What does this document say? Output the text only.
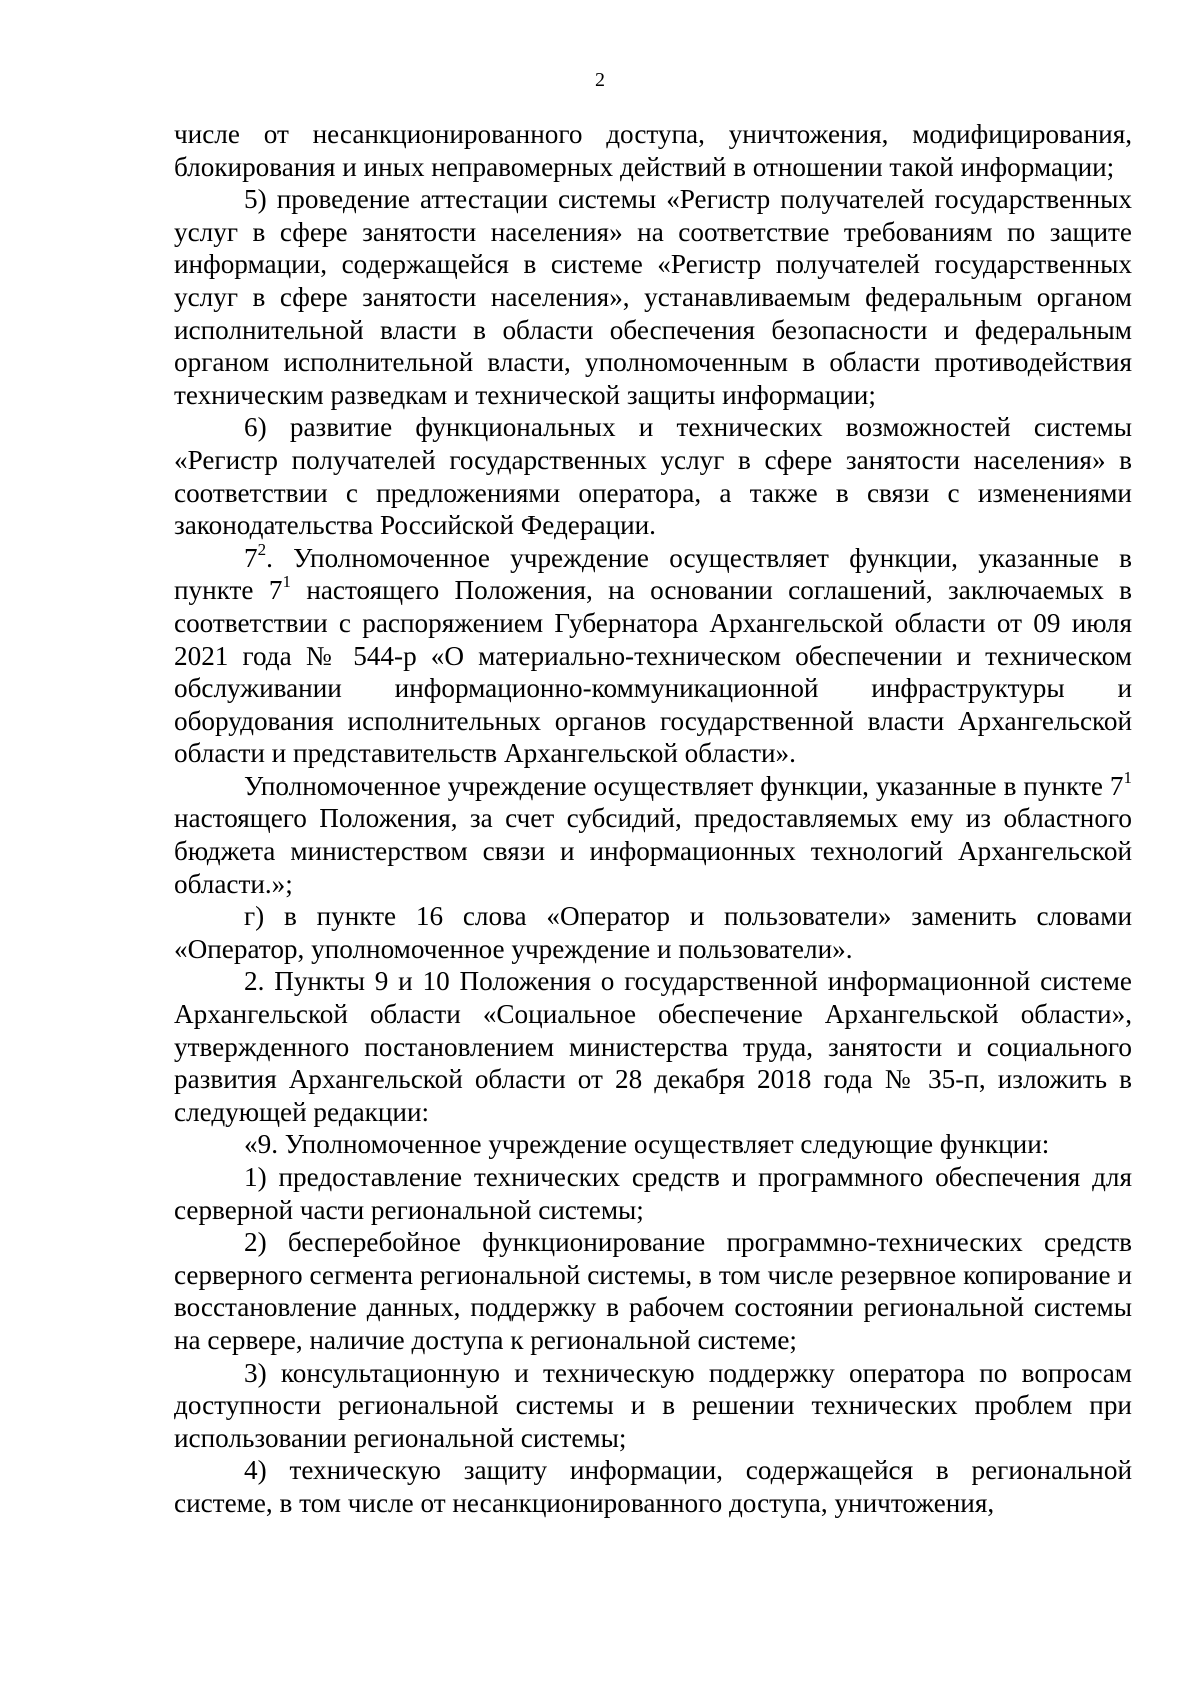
2

числе от несанкционированного доступа, уничтожения, модифицирования, блокирования и иных неправомерных действий в отношении такой информации;

5) проведение аттестации системы «Регистр получателей государственных услуг в сфере занятости населения» на соответствие требованиям по защите информации, содержащейся в системе «Регистр получателей государственных услуг в сфере занятости населения», устанавливаемым федеральным органом исполнительной власти в области обеспечения безопасности и федеральным органом исполнительной власти, уполномоченным в области противодействия техническим разведкам и технической защиты информации;

6) развитие функциональных и технических возможностей системы «Регистр получателей государственных услуг в сфере занятости населения» в соответствии с предложениями оператора, а также в связи с изменениями законодательства Российской Федерации.

$7^2$. Уполномоченное учреждение осуществляет функции, указанные в пункте $7^1$ настоящего Положения, на основании соглашений, заключаемых в соответствии с распоряжением Губернатора Архангельской области от 09 июля 2021 года № 544-р «О материально-техническом обеспечении и техническом обслуживании информационно-коммуникационной инфраструктуры и оборудования исполнительных органов государственной власти Архангельской области и представительств Архангельской области».

Уполномоченное учреждение осуществляет функции, указанные в пункте $7^1$ настоящего Положения, за счет субсидий, предоставляемых ему из областного бюджета министерством связи и информационных технологий Архангельской области.»;

г) в пункте 16 слова «Оператор и пользователи» заменить словами «Оператор, уполномоченное учреждение и пользователи».

2. Пункты 9 и 10 Положения о государственной информационной системе Архангельской области «Социальное обеспечение Архангельской области», утвержденного постановлением министерства труда, занятости и социального развития Архангельской области от 28 декабря 2018 года № 35-п, изложить в следующей редакции:

«9. Уполномоченное учреждение осуществляет следующие функции:

1) предоставление технических средств и программного обеспечения для серверной части региональной системы;

2) бесперебойное функционирование программно-технических средств серверного сегмента региональной системы, в том числе резервное копирование и восстановление данных, поддержку в рабочем состоянии региональной системы на сервере, наличие доступа к региональной системе;

3) консультационную и техническую поддержку оператора по вопросам доступности региональной системы и в решении технических проблем при использовании региональной системы;

4) техническую защиту информации, содержащейся в региональной системе, в том числе от несанкционированного доступа, уничтожения,
